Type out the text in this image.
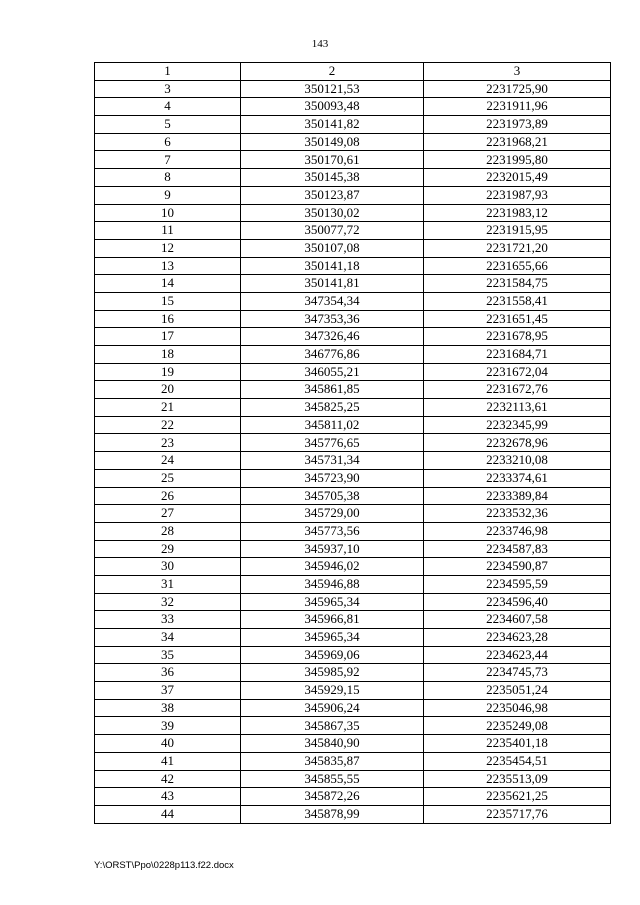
143
1	2	3
3	350121,53	2231725,90
4	350093,48	2231911,96
5	350141,82	2231973,89
6	350149,08	2231968,21
7	350170,61	2231995,80
8	350145,38	2232015,49
9	350123,87	2231987,93
10	350130,02	2231983,12
11	350077,72	2231915,95
12	350107,08	2231721,20
13	350141,18	2231655,66
14	350141,81	2231584,75
15	347354,34	2231558,41
16	347353,36	2231651,45
17	347326,46	2231678,95
18	346776,86	2231684,71
19	346055,21	2231672,04
20	345861,85	2231672,76
21	345825,25	2232113,61
22	345811,02	2232345,99
23	345776,65	2232678,96
24	345731,34	2233210,08
25	345723,90	2233374,61
26	345705,38	2233389,84
27	345729,00	2233532,36
28	345773,56	2233746,98
29	345937,10	2234587,83
30	345946,02	2234590,87
31	345946,88	2234595,59
32	345965,34	2234596,40
33	345966,81	2234607,58
34	345965,34	2234623,28
35	345969,06	2234623,44
36	345985,92	2234745,73
37	345929,15	2235051,24
38	345906,24	2235046,98
39	345867,35	2235249,08
40	345840,90	2235401,18
41	345835,87	2235454,51
42	345855,55	2235513,09
43	345872,26	2235621,25
44	345878,99	2235717,76
Y:\ORST\Ppo\0228p113.f22.docx
